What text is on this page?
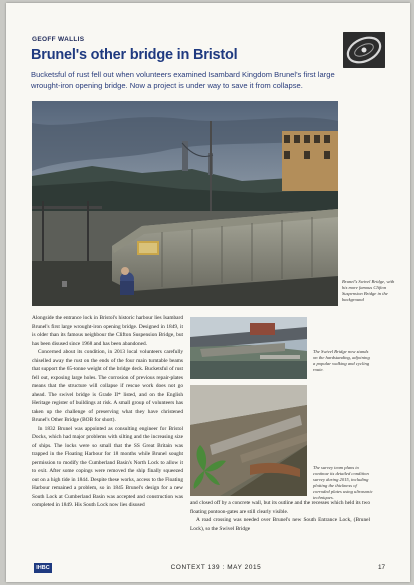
GEOFF WALLIS
Brunel's other bridge in Bristol
Bucketsful of rust fell out when volunteers examined Isambard Kingdom Brunel's first large wrought-iron opening bridge. Now a project is under way to save it from collapse.
Brunel's Swivel Bridge, with his more famous Clifton Suspension Bridge in the background

Alongside the entrance lock in Bristol's historic harbour lies Isambard Brunel's first large wrought-iron opening bridge. Designed in 1849, it is older than its famous neighbour the Clifton Suspension Bridge, but has been disused since 1968 and has been abandoned.

Concerned about its condition, in 2013 local volunteers carefully chiselled away the rust on the ends of the four main turntable beams that support the 65-tonne weight of the bridge deck. Bucketsful of rust fell out, exposing large holes. The corrosion of previous repair-plates means that the structure will collapse if rescue work does not go ahead. The swivel bridge is Grade II* listed, and on the English Heritage register of buildings at risk. A small group of volunteers has taken up the challenge of preserving what they have christened Brunel's Other Bridge (BOB for short).

In 1832 Brunel was appointed as consulting engineer for Bristol Docks, which had major problems with silting and the increasing size of ships. The locks were so small that the SS Great Britain was trapped in the Floating Harbour for 18 months while Brunel sought permission to modify the Cumberland Basin's North Lock to allow it to exit. After some copings were removed the ship finally squeezed out on a high tide in 1844. Despite these works, access to the Floating Harbour remained a problem, so in 1845 Brunel's design for a new South Lock at Cumberland Basin was accepted and construction was completed in 1849. His South Lock now lies disused

The Swivel Bridge now stands on the hardstanding, adjoining a popular walking and cycling route.
The survey team plans to continue its detailed condition survey during 2015, including plotting the thickness of corroded plates using ultrasonic techniques.

and closed off by a concrete wall, but its outline and the recesses which held its two floating pontoon-gates are still clearly visible.

A road crossing was needed over Brunel's new South Entrance Lock, (Brunel Lock), so the Swivel Bridge

IHBC	CONTEXT 139 : MAY 2015	17
